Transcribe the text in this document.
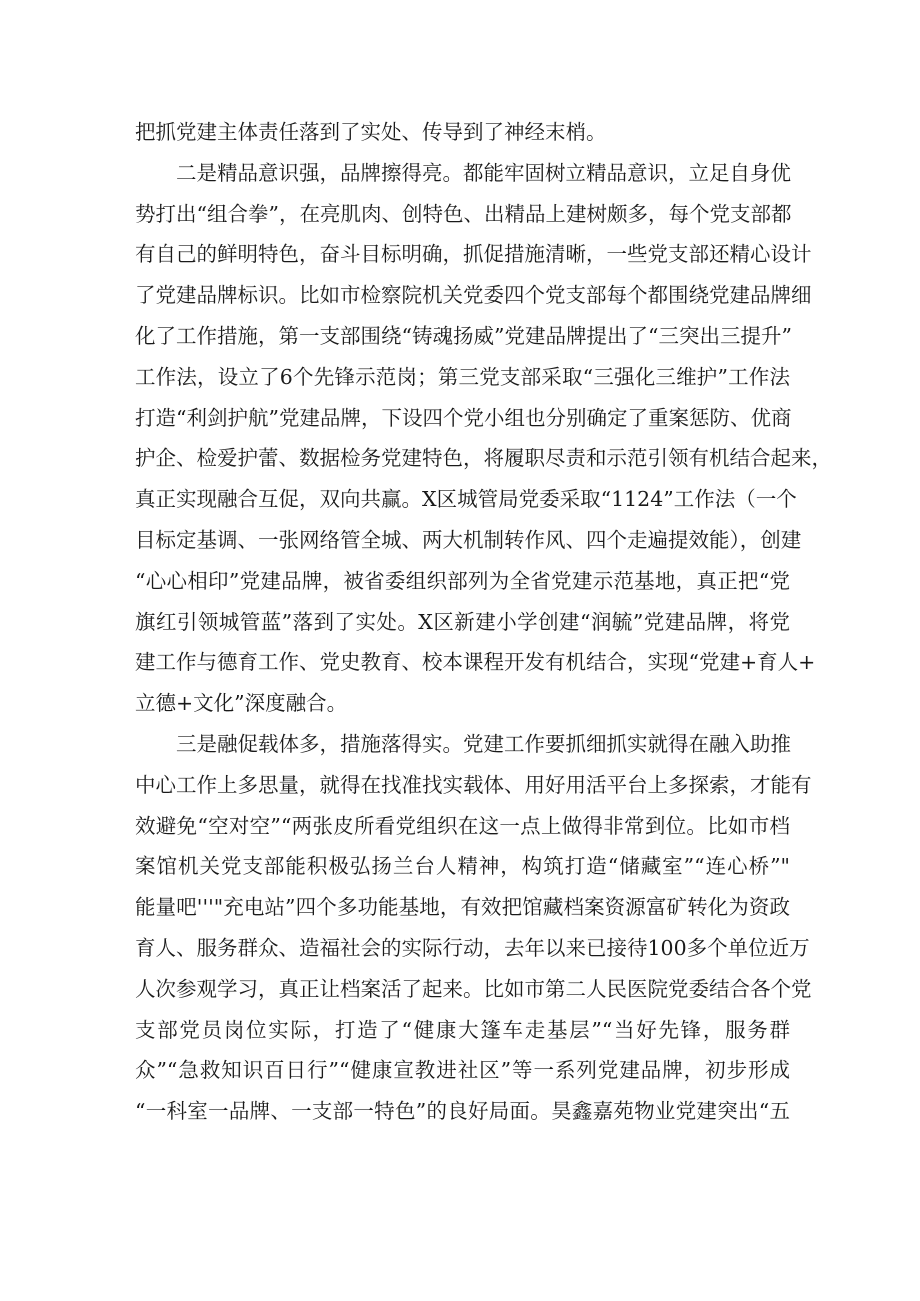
把抓党建主体责任落到了实处、传导到了神经末梢。
二是精品意识强，品牌擦得亮。都能牢固树立精品意识，立足自身优
势打出“组合拳”，在亮肌肉、创特色、出精品上建树颇多，每个党支部都
有自己的鲜明特色，奋斗目标明确，抓促措施清晰，一些党支部还精心设计
了党建品牌标识。比如市检察院机关党委四个党支部每个都围绕党建品牌细
化了工作措施，第一支部围绕“铸魂扬威”党建品牌提出了“三突出三提升”
工作法，设立了6个先锋示范岗；第三党支部采取“三强化三维护”工作法
打造“利剑护航”党建品牌，下设四个党小组也分别确定了重案惩防、优商
护企、检爱护蕾、数据检务党建特色，将履职尽责和示范引领有机结合起来，
真正实现融合互促，双向共赢。X区城管局党委采取“1124”工作法（一个
目标定基调、一张网络管全城、两大机制转作风、四个走遍提效能），创建
“心心相印”党建品牌，被省委组织部列为全省党建示范基地，真正把“党
旗红引领城管蓝”落到了实处。X区新建小学创建“润毓”党建品牌，将党
建工作与德育工作、党史教育、校本课程开发有机结合，实现“党建+育人+
立德+文化”深度融合。
三是融促载体多，措施落得实。党建工作要抓细抓实就得在融入助推
中心工作上多思量，就得在找准找实载体、用好用活平台上多探索，才能有
效避免“空对空”“两张皮所看党组织在这一点上做得非常到位。比如市档
案馆机关党支部能积极弘扬兰台人精神，构筑打造“储藏室”“连心桥”"
能量吧'''"充电站”四个多功能基地，有效把馆藏档案资源富矿转化为资政
育人、服务群众、造福社会的实际行动，去年以来已接待100多个单位近万
人次参观学习，真正让档案活了起来。比如市第二人民医院党委结合各个党
支部党员岗位实际，打造了“健康大篷车走基层”“当好先锋，服务群
众”“急救知识百日行”“健康宣教进社区”等一系列党建品牌，初步形成
“一科室一品牌、一支部一特色”的良好局面。昊鑫嘉苑物业党建突出“五
